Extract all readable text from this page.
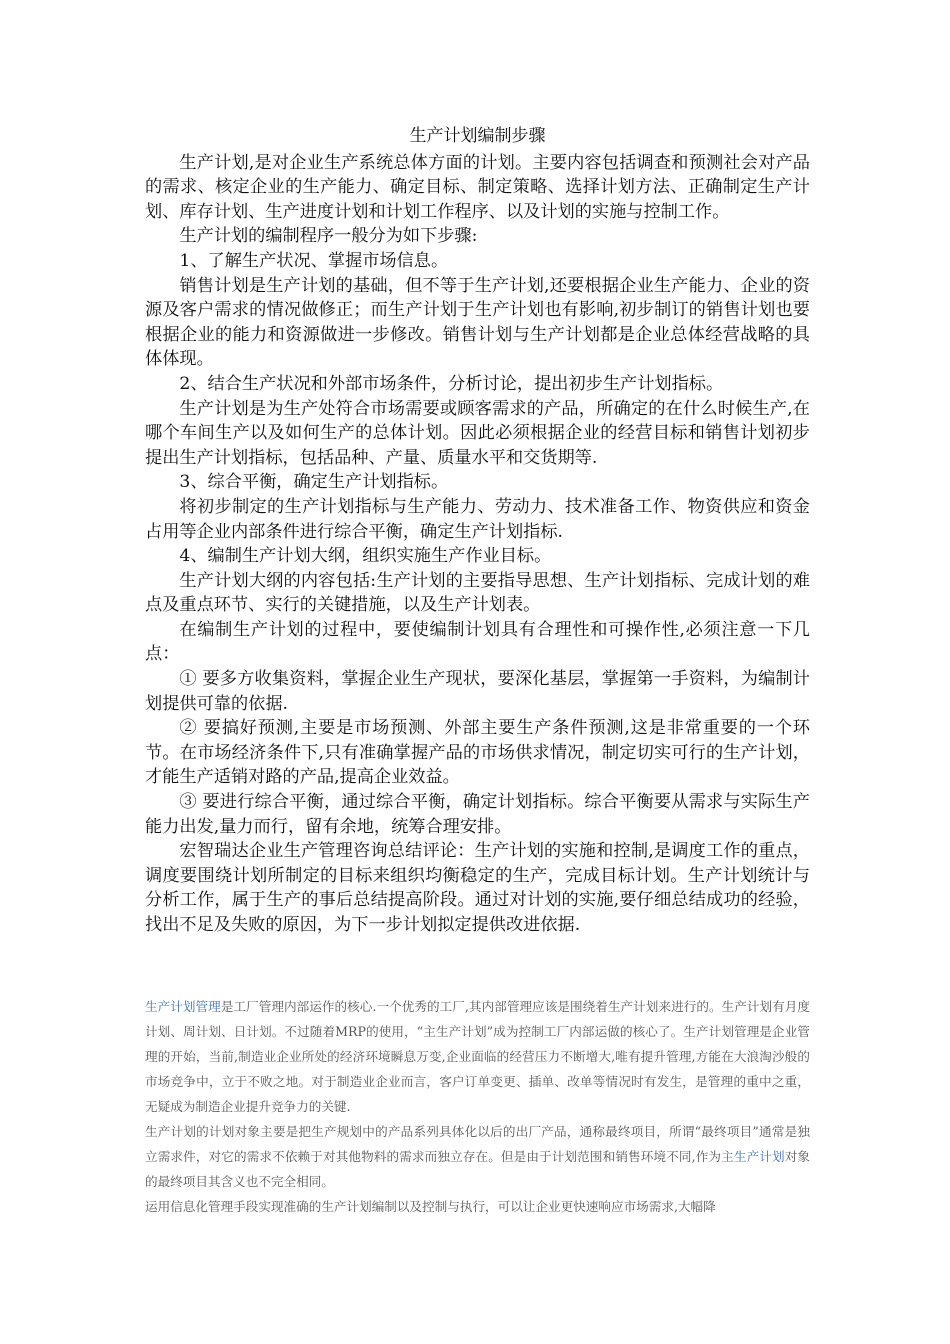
生产计划编制步骤

生产计划,是对企业生产系统总体方面的计划。主要内容包括调查和预测社会对产品的需求、核定企业的生产能力、确定目标、制定策略、选择计划方法、正确制定生产计划、库存计划、生产进度计划和计划工作程序、以及计划的实施与控制工作。

生产计划的编制程序一般分为如下步骤:

1、了解生产状况、掌握市场信息。

销售计划是生产计划的基础，但不等于生产计划,还要根据企业生产能力、企业的资源及客户需求的情况做修正；而生产计划于生产计划也有影响,初步制订的销售计划也要根据企业的能力和资源做进一步修改。销售计划与生产计划都是企业总体经营战略的具体体现。

2、结合生产状况和外部市场条件，分析讨论，提出初步生产计划指标。

生产计划是为生产处符合市场需要或顾客需求的产品，所确定的在什么时候生产,在哪个车间生产以及如何生产的总体计划。因此必须根据企业的经营目标和销售计划初步提出生产计划指标，包括品种、产量、质量水平和交货期等.

3、综合平衡，确定生产计划指标。

将初步制定的生产计划指标与生产能力、劳动力、技术准备工作、物资供应和资金占用等企业内部条件进行综合平衡，确定生产计划指标.

4、编制生产计划大纲，组织实施生产作业目标。

生产计划大纲的内容包括:生产计划的主要指导思想、生产计划指标、完成计划的难点及重点环节、实行的关键措施，以及生产计划表。

在编制生产计划的过程中，要使编制计划具有合理性和可操作性,必须注意一下几点：

① 要多方收集资料，掌握企业生产现状，要深化基层，掌握第一手资料，为编制计划提供可靠的依据.

② 要搞好预测,主要是市场预测、外部主要生产条件预测,这是非常重要的一个环节。在市场经济条件下,只有准确掌握产品的市场供求情况，制定切实可行的生产计划，才能生产适销对路的产品,提高企业效益。

③ 要进行综合平衡，通过综合平衡，确定计划指标。综合平衡要从需求与实际生产能力出发,量力而行，留有余地，统筹合理安排。

宏智瑞达企业生产管理咨询总结评论：生产计划的实施和控制,是调度工作的重点，调度要围绕计划所制定的目标来组织均衡稳定的生产，完成目标计划。生产计划统计与分析工作，属于生产的事后总结提高阶段。通过对计划的实施,要仔细总结成功的经验，找出不足及失败的原因，为下一步计划拟定提供改进依据.

生产计划管理是工厂管理内部运作的核心.一个优秀的工厂,其内部管理应该是围绕着生产计划来进行的。生产计划有月度计划、周计划、日计划。不过随着MRP的使用，“主生产计划”成为控制工厂内部运做的核心了。生产计划管理是企业管理的开始，当前,制造业企业所处的经济环境瞬息万变,企业面临的经营压力不断增大,唯有提升管理,方能在大浪淘沙般的市场竞争中，立于不败之地。对于制造业企业而言，客户订单变更、插单、改单等情况时有发生，是管理的重中之重，无疑成为制造企业提升竞争力的关键.

生产计划的计划对象主要是把生产规划中的产品系列具体化以后的出厂产品，通称最终项目，所谓“最终项目”通常是独立需求件，对它的需求不依赖于对其他物料的需求而独立存在。但是由于计划范围和销售环境不同,作为主生产计划对象的最终项目其含义也不完全相同。

运用信息化管理手段实现准确的生产计划编制以及控制与执行，可以让企业更快速响应市场需求,大幅降
